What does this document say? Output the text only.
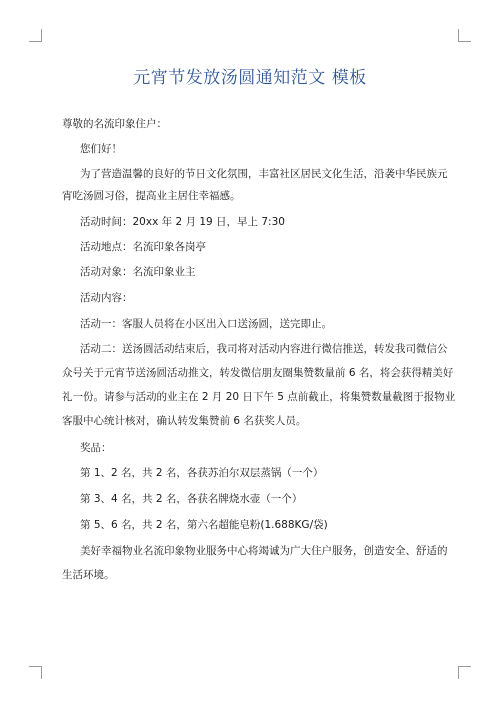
元宵节发放汤圆通知范文 模板
尊敬的名流印象住户：
您们好！
为了营造温馨的良好的节日文化氛围，丰富社区居民文化生活，沿袭中华民族元
宵吃汤圆习俗，提高业主居住幸福感。
活动时间：20xx 年 2 月 19 日，早上 7:30
活动地点：名流印象各岗亭
活动对象：名流印象业主
活动内容：
活动一：客服人员将在小区出入口送汤圆，送完即止。
活动二：送汤圆活动结束后，我司将对活动内容进行微信推送，转发我司微信公
众号关于元宵节送汤圆活动推文，转发微信朋友圈集赞数量前 6 名，将会获得精美好
礼一份。请参与活动的业主在 2 月 20 日下午 5 点前截止，将集赞数量截图于报物业
客服中心统计核对，确认转发集赞前 6 名获奖人员。
奖品：
第 1、2 名，共 2 名，各获苏泊尔双层蒸锅（一个）
第 3、4 名，共 2 名，各获名牌烧水壶（一个）
第 5、6 名，共 2 名，第六名超能皂粉(1.688KG/袋)
美好幸福物业名流印象物业服务中心将竭诚为广大住户服务，创造安全、舒适的
生活环境。
